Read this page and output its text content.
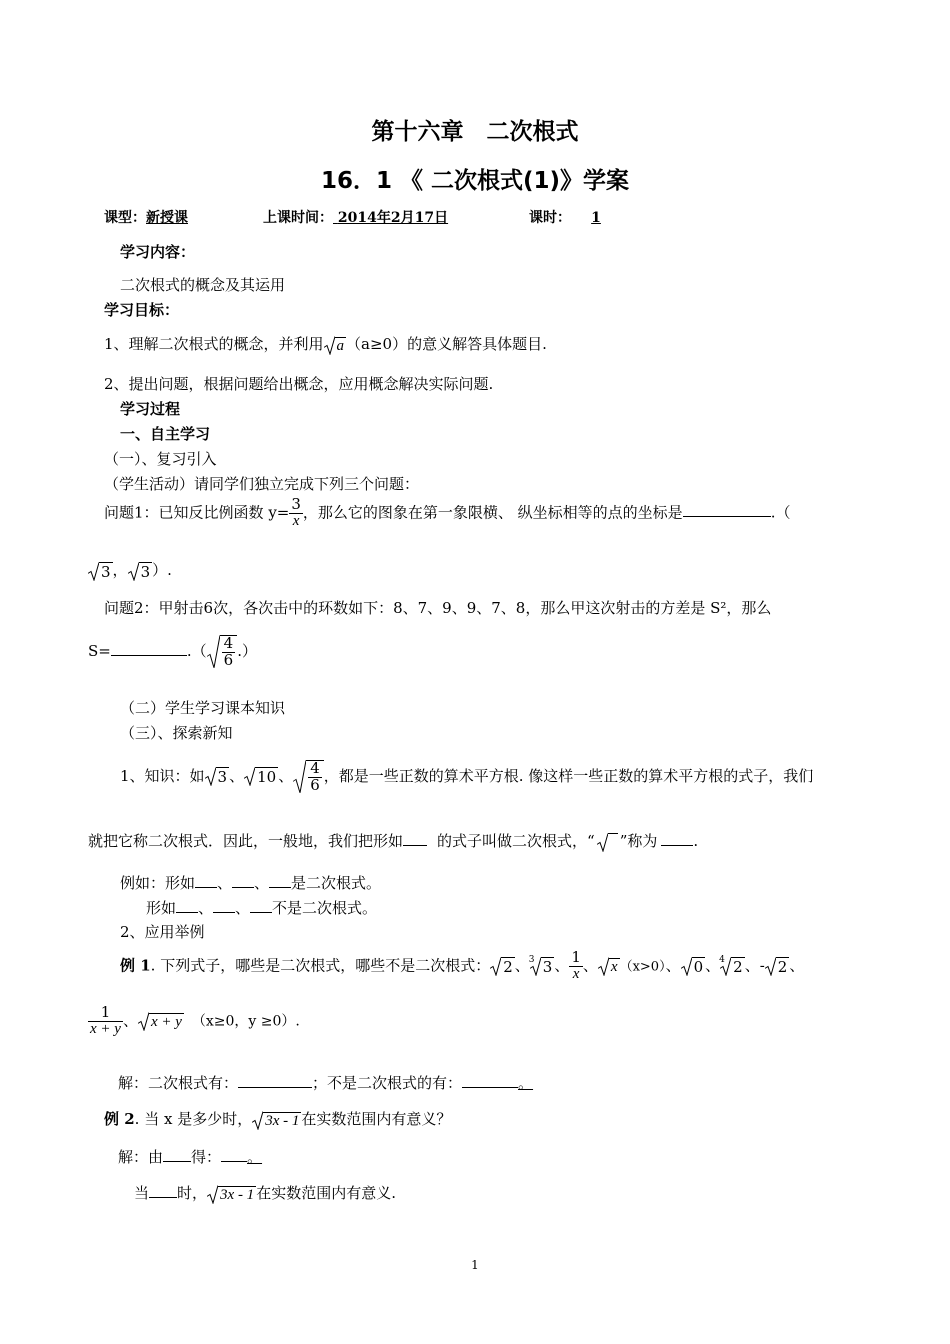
第十六章　二次根式
16．1 《 二次根式(1)》学案
课型：新授课	上课时间： 2014年2月17日	课时： 1
学习内容：
二次根式的概念及其运用
学习目标：
1、理解二次根式的概念，并利用 a （a≥0）的意义解答具体题目.
2、提出问题，根据问题给出概念，应用概念解决实际问题.
学习过程
一、自主学习
（一）、复习引入
（学生活动）请同学们独立完成下列三个问题：
问题1：已知反比例函数 $y= \frac{3}{x}$ ，那么它的图象在第一象限横、 纵坐标相等的点的坐标是	.（
3 ， 3 ）.
问题2：甲射击6次，各次击中的环数如下：8、7、9、9、7、8，那么甲这次射击的方差是 S²，那么
S=	.（ $\frac{4}{6}$ .）
（二）学生学习课本知识
（三）、探索新知
1、知识：如 3 、 10 、 $\frac{4}{6}$ ，都是一些正数的算术平方根. 像这样一些正数的算术平方根的式子，我们
就把它称二次根式．因此，一般地，我们把形如 的式子叫做二次根式，“ ”称为 .
例如：形如 、 、 是二次根式。
形如 、 、 不是二次根式。
2、应用举例
例 1. 下列式子，哪些是二次根式，哪些不是二次根式： 2 、 3 3 、 $\frac{1}{x}$ 、 x （x>0）、 0 、 4 2 、- 2 、
$\frac{1}{x + y}$ 、 x + y （x≥0，y ≥0）.
解：二次根式有：	；不是二次根式的有：	。
例 2. 当 x 是多少时， 3x - 1 在实数范围内有意义？
解：由 得： 。
当 时， 3x - 1 在实数范围内有意义.
1
